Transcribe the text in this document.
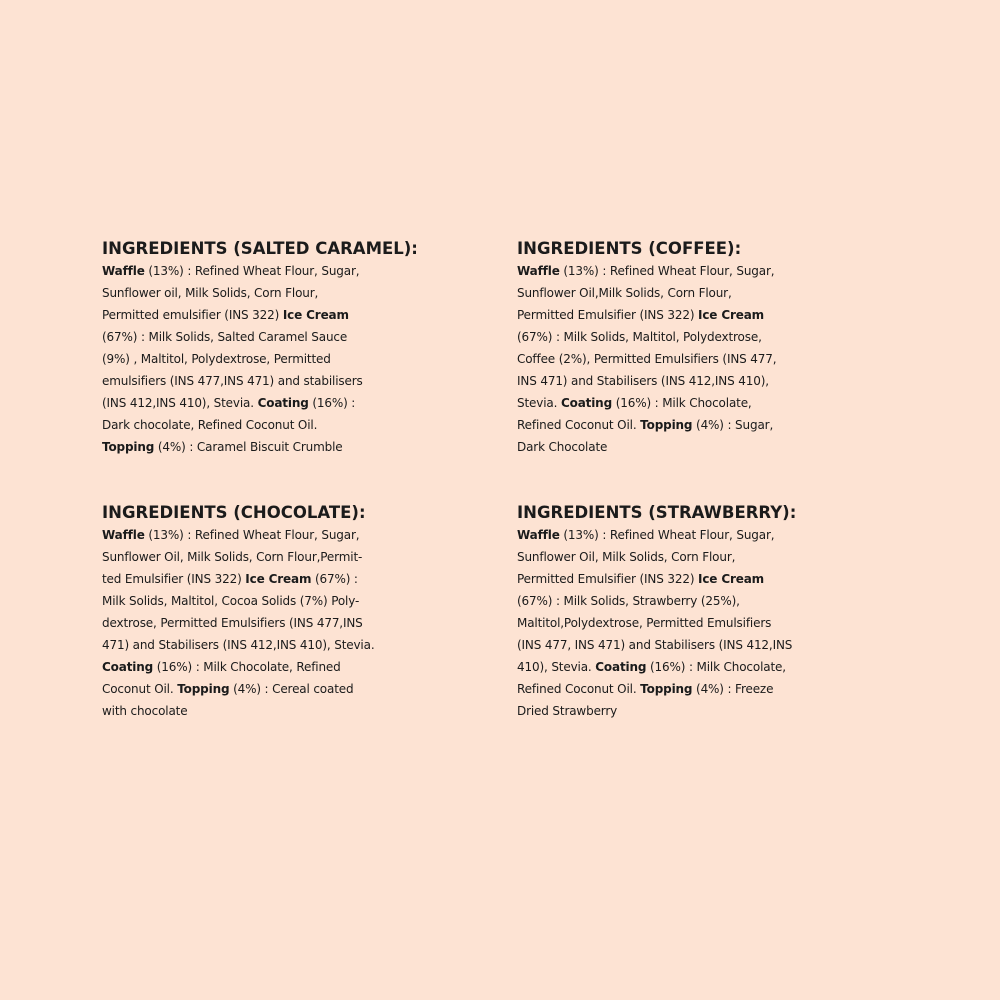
INGREDIENTS (SALTED CARAMEL):
Waffle (13%) : Refined Wheat Flour, Sugar,
Sunflower oil, Milk Solids, Corn Flour,
Permitted emulsifier (INS 322) Ice Cream
(67%) : Milk Solids, Salted Caramel Sauce
(9%) , Maltitol, Polydextrose, Permitted
emulsifiers (INS 477,INS 471) and stabilisers
(INS 412,INS 410), Stevia. Coating (16%) :
Dark chocolate, Refined Coconut Oil.
Topping (4%) : Caramel Biscuit Crumble
INGREDIENTS (COFFEE):
Waffle (13%) : Refined Wheat Flour, Sugar,
Sunflower Oil,Milk Solids, Corn Flour,
Permitted Emulsifier (INS 322) Ice Cream
(67%) : Milk Solids, Maltitol, Polydextrose,
Coffee (2%), Permitted Emulsifiers (INS 477,
INS 471) and Stabilisers (INS 412,INS 410),
Stevia. Coating (16%) : Milk Chocolate,
Refined Coconut Oil. Topping (4%) : Sugar,
Dark Chocolate
INGREDIENTS (CHOCOLATE):
Waffle (13%) : Refined Wheat Flour, Sugar,
Sunflower Oil, Milk Solids, Corn Flour,Permit-
ted Emulsifier (INS 322) Ice Cream (67%) :
Milk Solids, Maltitol, Cocoa Solids (7%) Poly-
dextrose, Permitted Emulsifiers (INS 477,INS
471) and Stabilisers (INS 412,INS 410), Stevia.
Coating (16%) : Milk Chocolate, Refined
Coconut Oil. Topping (4%) : Cereal coated
with chocolate
INGREDIENTS (STRAWBERRY):
Waffle (13%) : Refined Wheat Flour, Sugar,
Sunflower Oil, Milk Solids, Corn Flour,
Permitted Emulsifier (INS 322) Ice Cream
(67%) : Milk Solids, Strawberry (25%),
Maltitol,Polydextrose, Permitted Emulsifiers
(INS 477, INS 471) and Stabilisers (INS 412,INS
410), Stevia. Coating (16%) : Milk Chocolate,
Refined Coconut Oil. Topping (4%) : Freeze
Dried Strawberry
